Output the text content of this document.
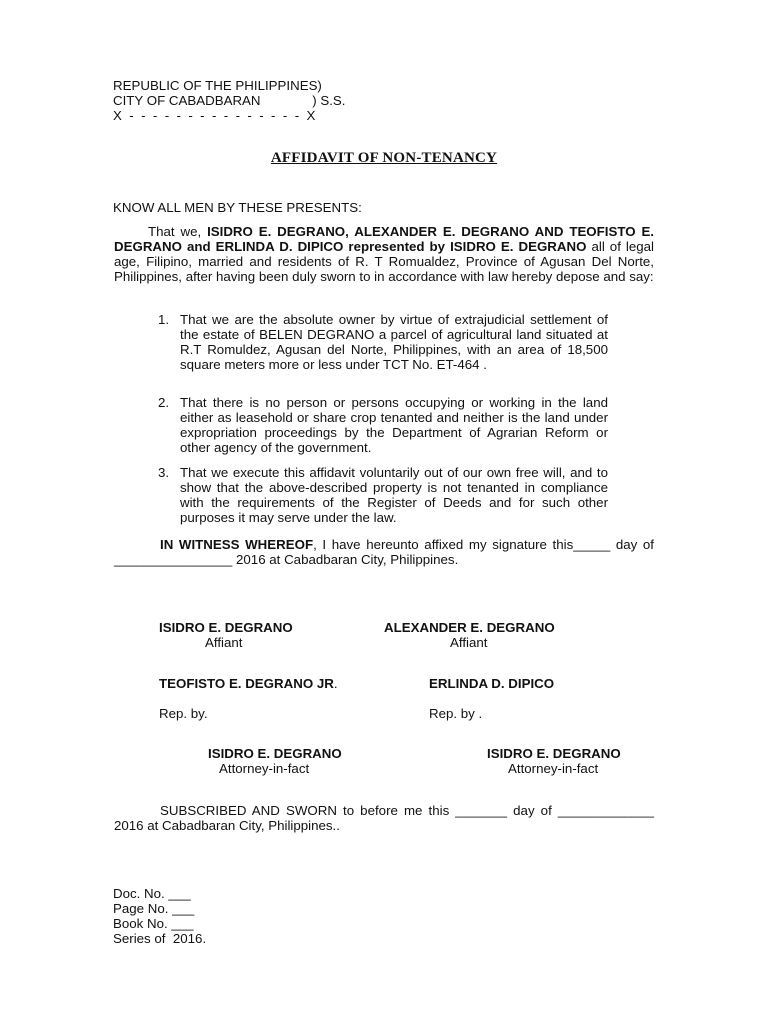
REPUBLIC OF THE PHILIPPINES)
CITY OF CABADBARAN              ) S.S.
X  -  -  -  -  -  -  -  -  -  -  -  -  -  -  -  X
AFFIDAVIT OF NON-TENANCY
KNOW ALL MEN BY THESE PRESENTS:
That we, ISIDRO E. DEGRANO, ALEXANDER E. DEGRANO AND TEOFISTO E. DEGRANO and ERLINDA D. DIPICO represented by ISIDRO E. DEGRANO all of legal age, Filipino, married and residents of R. T Romualdez, Province of Agusan Del Norte, Philippines, after having been duly sworn to in accordance with law hereby depose and say:
1. That we are the absolute owner by virtue of extrajudicial settlement of the estate of BELEN DEGRANO a parcel of agricultural land situated at R.T Romuldez, Agusan del Norte, Philippines, with an area of 18,500 square meters more or less under TCT No. ET-464 .
2. That there is no person or persons occupying or working in the land either as leasehold or share crop tenanted and neither is the land under expropriation proceedings by the Department of Agrarian Reform or other agency of the government.
3. That we execute this affidavit voluntarily out of our own free will, and to show that the above-described property is not tenanted in compliance with the requirements of the Register of Deeds and for such other purposes it may serve under the law.
IN WITNESS WHEREOF, I have hereunto affixed my signature this_____ day of ________________ 2016 at Cabadbaran City, Philippines.
ISIDRO E. DEGRANO
Affiant
ALEXANDER E. DEGRANO
Affiant
TEOFISTO E. DEGRANO JR.	ERLINDA D. DIPICO
Rep. by.	Rep. by .
ISIDRO E. DEGRANO
Attorney-in-fact
ISIDRO E. DEGRANO
Attorney-in-fact
SUBSCRIBED AND SWORN to before me this _______ day of _____________ 2016 at Cabadbaran City, Philippines..
Doc. No. ___
Page No. ___
Book No. ___
Series of  2016.
